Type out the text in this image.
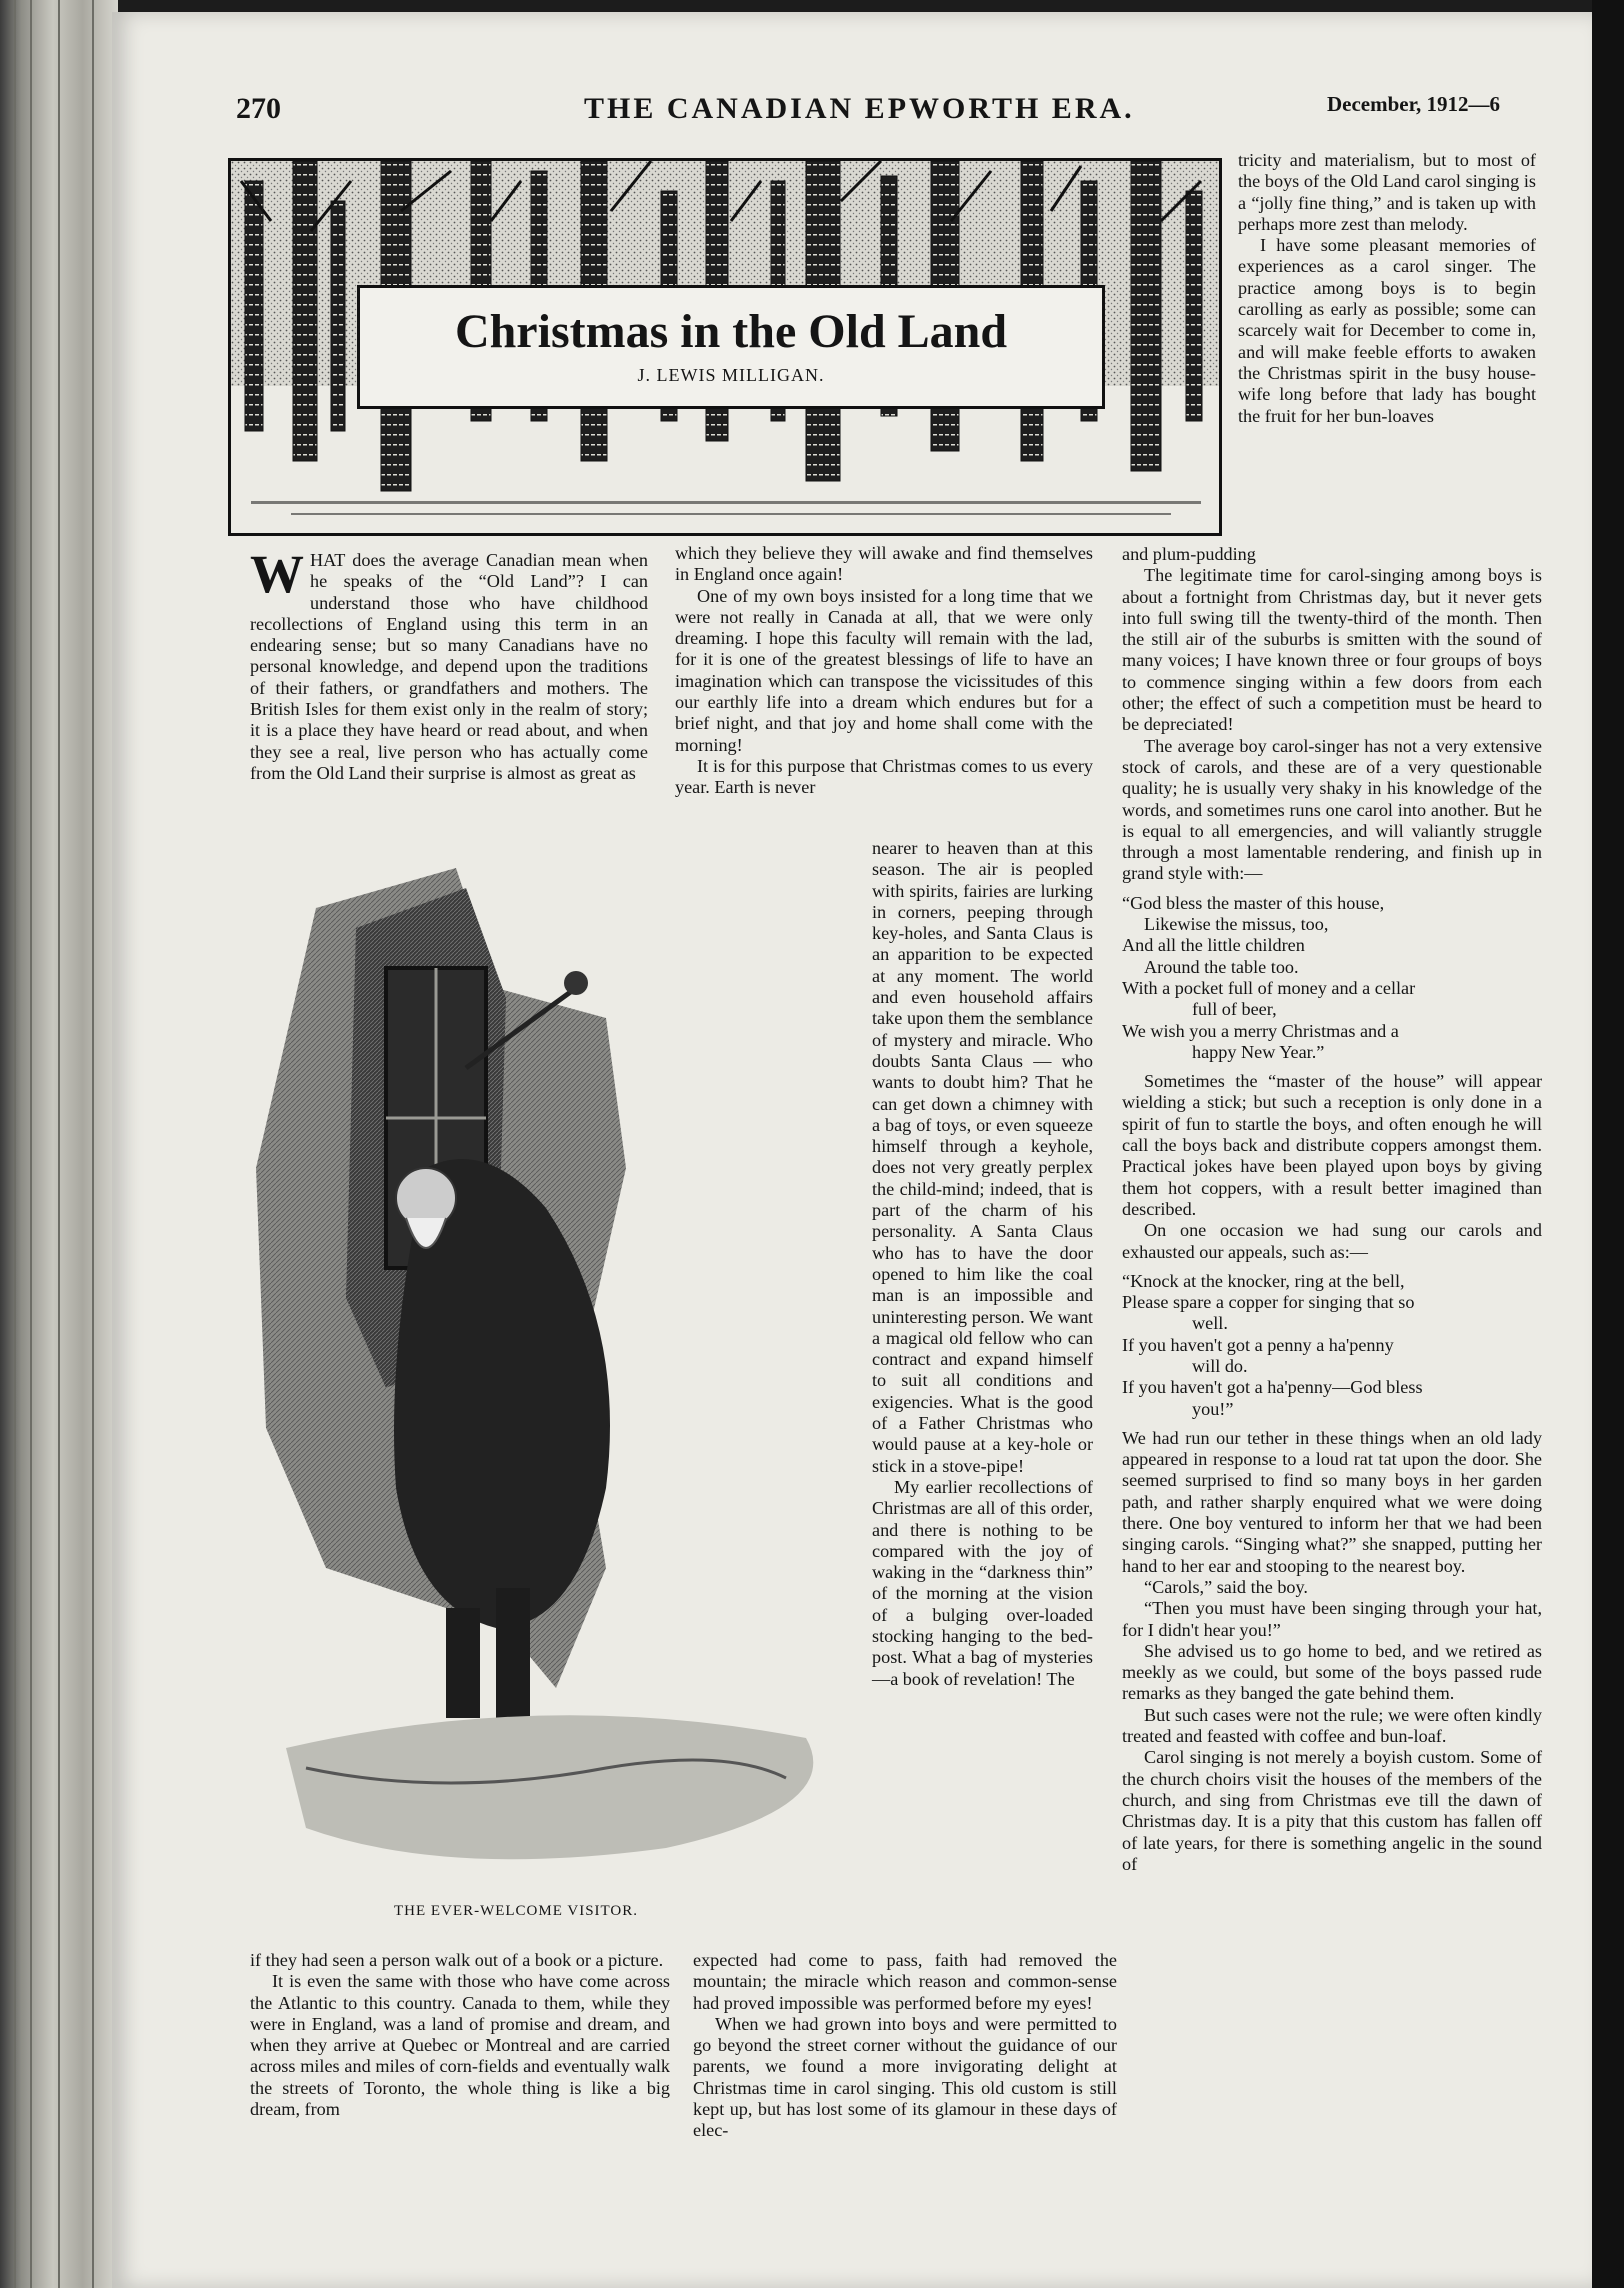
270	THE CANADIAN EPWORTH ERA.	December, 1912—6
Christmas in the Old Land
J. LEWIS MILLIGAN.

WHAT does the average Canadian mean when he speaks of the “Old Land”? I can understand those who have childhood recollections of England using this term in an endearing sense; but so many Canadians have no personal knowledge, and depend upon the traditions of their fathers, or grandfathers and mothers. The British Isles for them exist only in the realm of story; it is a place they have heard or read about, and when they see a real, live person who has actually come from the Old Land their surprise is almost as great as

which they believe they will awake and find themselves in England once again!

One of my own boys insisted for a long time that we were not really in Canada at all, that we were only dreaming. I hope this faculty will remain with the lad, for it is one of the greatest blessings of life to have an imagination which can transpose the vicissitudes of this our earthly life into a dream which endures but for a brief night, and that joy and home shall come with the morning!

It is for this purpose that Christmas comes to us every year. Earth is never

THE EVER-WELCOME VISITOR.

nearer to heaven than at this season. The air is peopled with spirits, fairies are lurking in corners, peeping through key-holes, and Santa Claus is an apparition to be expected at any moment. The world and even household affairs take upon them the semblance of mystery and miracle. Who doubts Santa Claus — who wants to doubt him? That he can get down a chimney with a bag of toys, or even squeeze himself through a keyhole, does not very greatly perplex the child-mind; indeed, that is part of the charm of his personality. A Santa Claus who has to have the door opened to him like the coal man is an impossible and uninteresting person. We want a magical old fellow who can contract and expand himself to suit all conditions and exigencies. What is the good of a Father Christmas who would pause at a key-hole or stick in a stove-pipe!

My earlier recollections of Christmas are all of this order, and there is nothing to be compared with the joy of waking in the “darkness thin” of the morning at the vision of a bulging over-loaded stocking hanging to the bed-post. What a bag of mysteries—a book of revelation! The

if they had seen a person walk out of a book or a picture.

It is even the same with those who have come across the Atlantic to this country. Canada to them, while they were in England, was a land of promise and dream, and when they arrive at Quebec or Montreal and are carried across miles and miles of corn-fields and eventually walk the streets of Toronto, the whole thing is like a big dream, from

expected had come to pass, faith had removed the mountain; the miracle which reason and common-sense had proved impossible was performed before my eyes!

When we had grown into boys and were permitted to go beyond the street corner without the guidance of our parents, we found a more invigorating delight at Christmas time in carol singing. This old custom is still kept up, but has lost some of its glamour in these days of elec-

tricity and materialism, but to most of the boys of the Old Land carol singing is a “jolly fine thing,” and is taken up with perhaps more zest than melody.

I have some pleasant memories of experiences as a carol singer. The practice among boys is to begin carolling as early as possible; some can scarcely wait for December to come in, and will make feeble efforts to awaken the Christmas spirit in the busy house-wife long before that lady has bought the fruit for her bun-loaves

and plum-pudding

The legitimate time for carol-singing among boys is about a fortnight from Christmas day, but it never gets into full swing till the twenty-third of the month. Then the still air of the suburbs is smitten with the sound of many voices; I have known three or four groups of boys to commence singing within a few doors from each other; the effect of such a competition must be heard to be depreciated!

The average boy carol-singer has not a very extensive stock of carols, and these are of a very questionable quality; he is usually very shaky in his knowledge of the words, and sometimes runs one carol into another. But he is equal to all emergencies, and will valiantly struggle through a most lamentable rendering, and finish up in grand style with:—

“God bless the master of this house,
Likewise the missus, too,
And all the little children
Around the table too.
With a pocket full of money and a cellar
full of beer,
We wish you a merry Christmas and a
happy New Year.”

Sometimes the “master of the house” will appear wielding a stick; but such a reception is only done in a spirit of fun to startle the boys, and often enough he will call the boys back and distribute coppers amongst them. Practical jokes have been played upon boys by giving them hot coppers, with a result better imagined than described.

On one occasion we had sung our carols and exhausted our appeals, such as:—

“Knock at the knocker, ring at the bell,
Please spare a copper for singing that so
well.
If you haven't got a penny a ha'penny
will do.
If you haven't got a ha'penny—God bless
you!”

We had run our tether in these things when an old lady appeared in response to a loud rat tat upon the door. She seemed surprised to find so many boys in her garden path, and rather sharply enquired what we were doing there. One boy ventured to inform her that we had been singing carols. “Singing what?” she snapped, putting her hand to her ear and stooping to the nearest boy.

“Carols,” said the boy.

“Then you must have been singing through your hat, for I didn't hear you!”

She advised us to go home to bed, and we retired as meekly as we could, but some of the boys passed rude remarks as they banged the gate behind them.

But such cases were not the rule; we were often kindly treated and feasted with coffee and bun-loaf.

Carol singing is not merely a boyish custom. Some of the church choirs visit the houses of the members of the church, and sing from Christmas eve till the dawn of Christmas day. It is a pity that this custom has fallen off of late years, for there is something angelic in the sound of
